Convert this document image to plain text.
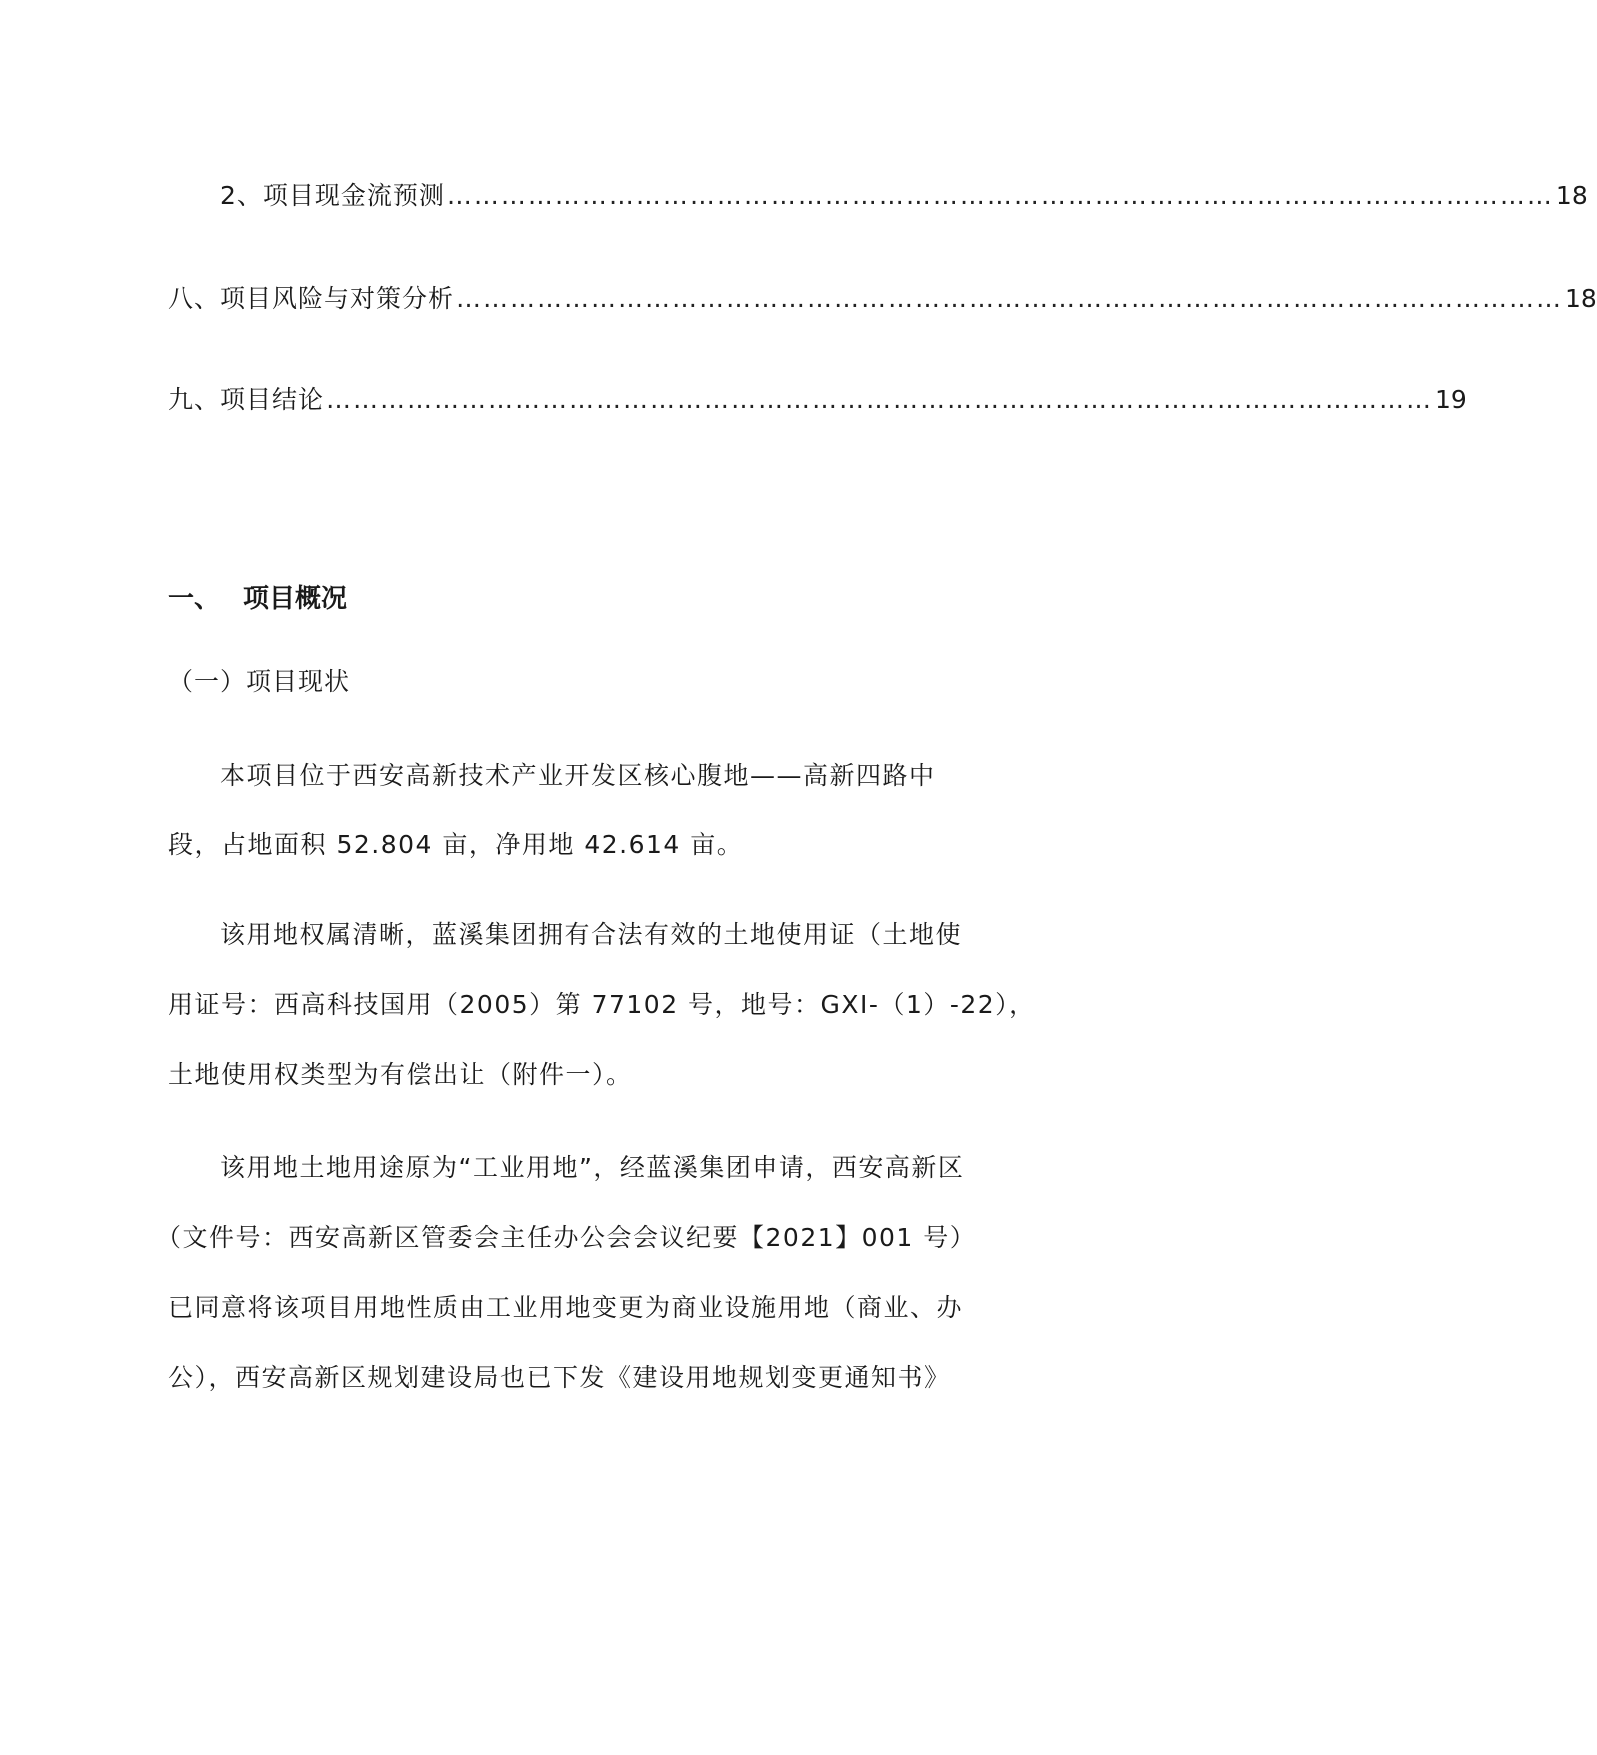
2、项目现金流预测 …………………………………………………………………………………………………………… 18
八、项目风险与对策分析 …………………………………………………………………………………………………………… 18
九、项目结论 …………………………………………………………………………………………………………… 19
一、 项目概况
（一）项目现状
本项目位于西安高新技术产业开发区核心腹地——高新四路中
段，占地面积 52.804 亩，净用地 42.614 亩。
该用地权属清晰，蓝溪集团拥有合法有效的土地使用证（土地使
用证号：西高科技国用（2005）第 77102 号，地号：GXI-（1）-22），
土地使用权类型为有偿出让（附件一）。
该用地土地用途原为“工业用地”，经蓝溪集团申请，西安高新区
（文件号：西安高新区管委会主任办公会会议纪要【2021】001 号）
已同意将该项目用地性质由工业用地变更为商业设施用地（商业、办
公），西安高新区规划建设局也已下发《建设用地规划变更通知书》
